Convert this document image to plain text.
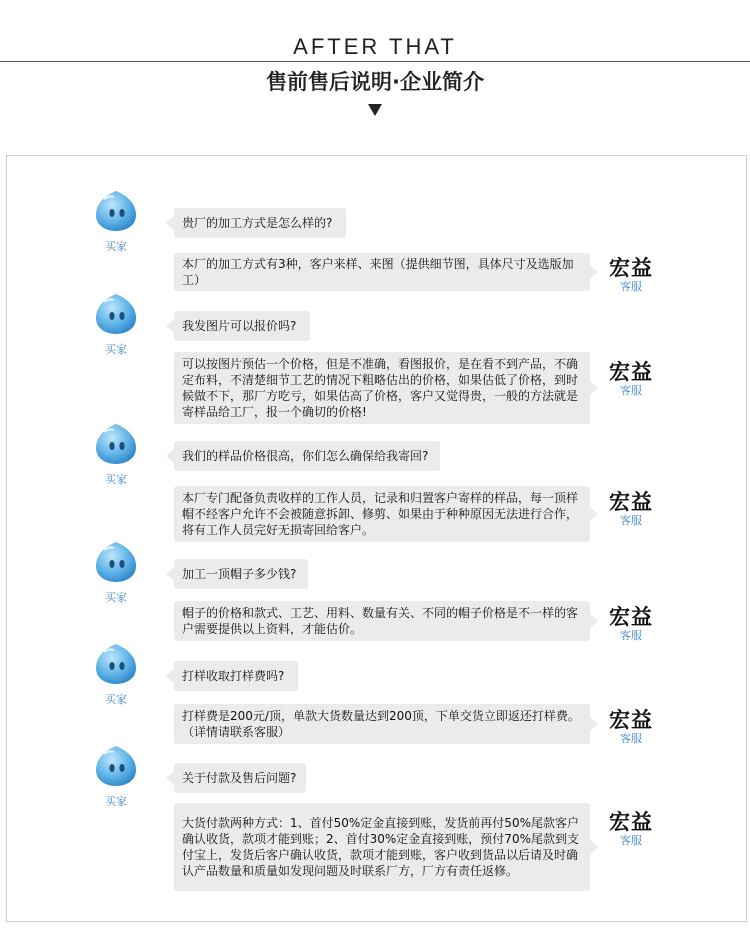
AFTER THAT
售前售后说明·企业简介
买家
贵厂的加工方式是怎么样的?
本厂的加工方式有3种，客户来样、来图（提供细节图，具体尺寸及选版加工）	宏益
客服
买家
我发图片可以报价吗?
可以按图片预估一个价格，但是不准确，看图报价，是在看不到产品，不确定布料，不清楚细节工艺的情况下粗略估出的价格，如果估低了价格，到时候做不下，那厂方吃亏，如果估高了价格，客户又觉得贵，一般的方法就是寄样品给工厂，报一个确切的价格!
宏益
客服
买家
我们的样品价格很高，你们怎么确保给我寄回?
本厂专门配备负责收样的工作人员，记录和归置客户寄样的样品，每一顶样帽不经客户允许不会被随意拆卸、修剪、如果由于种种原因无法进行合作，将有工作人员完好无损寄回给客户。
宏益
客服
买家
加工一顶帽子多少钱?
帽子的价格和款式、工艺、用料、数量有关、不同的帽子价格是不一样的客户需要提供以上资料，才能估价。	宏益
客服
买家
打样收取打样费吗?
打样费是200元/顶，单款大货数量达到200顶，下单交货立即返还打样费。（详情请联系客服）	宏益
客服
买家
关于付款及售后问题?
大货付款两种方式：1、首付50%定金直接到账，发货前再付50%尾款客户确认收货，款项才能到账；2、首付30%定金直接到账，预付70%尾款到支付宝上，发货后客户确认收货，款项才能到账，客户收到货品以后请及时确认产品数量和质量如发现问题及时联系厂方，厂方有责任返修。
宏益
客服
